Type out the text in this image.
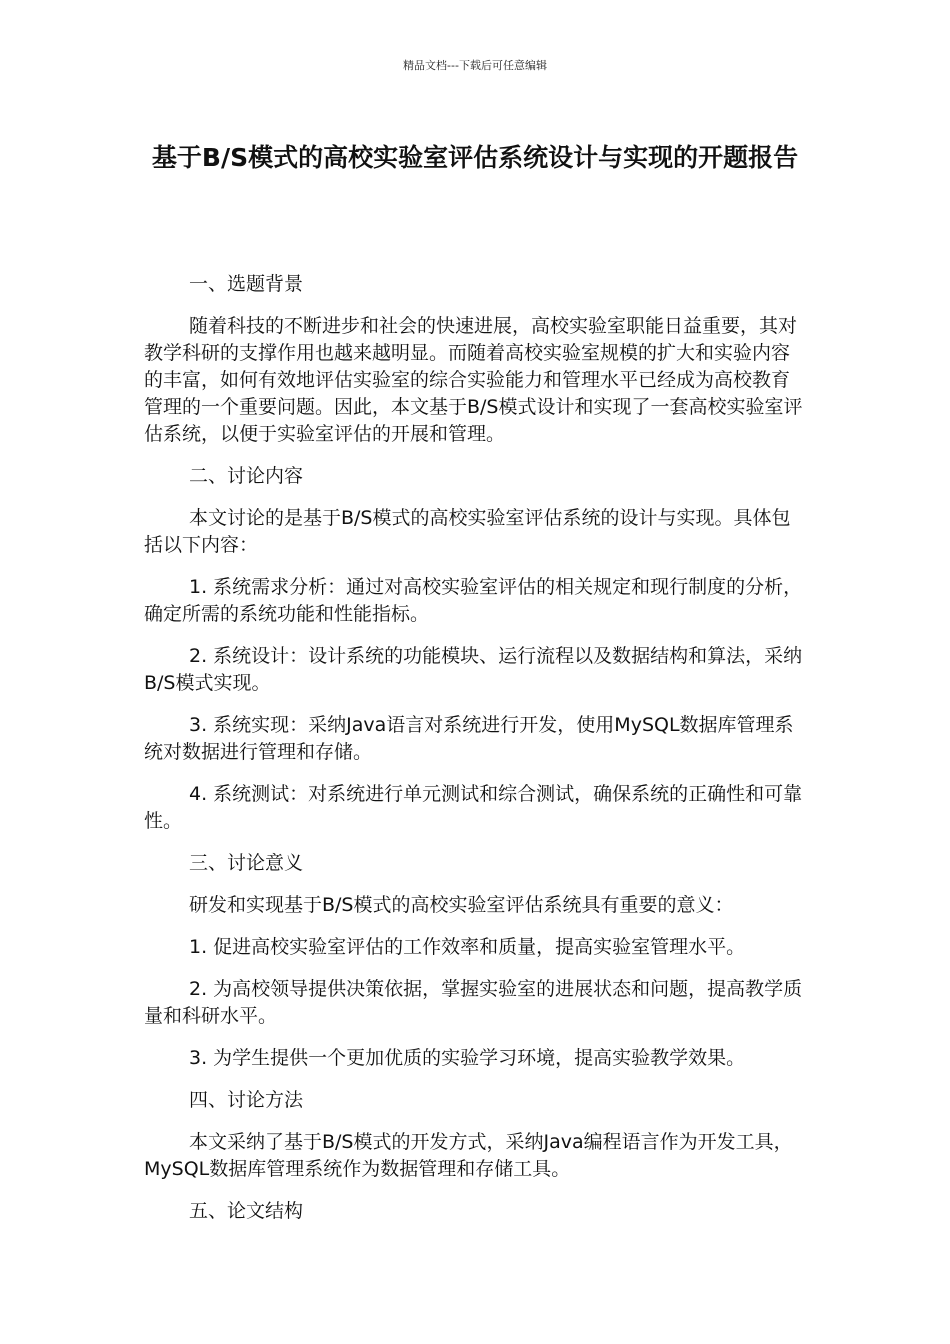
精品文档---下载后可任意编辑
基于B/S模式的高校实验室评估系统设计与实现的开题报告

一、选题背景

随着科技的不断进步和社会的快速进展，高校实验室职能日益重要，其对教学科研的支撑作用也越来越明显。而随着高校实验室规模的扩大和实验内容的丰富，如何有效地评估实验室的综合实验能力和管理水平已经成为高校教育管理的一个重要问题。因此，本文基于B/S模式设计和实现了一套高校实验室评估系统，以便于实验室评估的开展和管理。

二、讨论内容

本文讨论的是基于B/S模式的高校实验室评估系统的设计与实现。具体包括以下内容：

1. 系统需求分析：通过对高校实验室评估的相关规定和现行制度的分析，确定所需的系统功能和性能指标。

2. 系统设计：设计系统的功能模块、运行流程以及数据结构和算法，采纳B/S模式实现。

3. 系统实现：采纳Java语言对系统进行开发，使用MySQL数据库管理系统对数据进行管理和存储。

4. 系统测试：对系统进行单元测试和综合测试，确保系统的正确性和可靠性。

三、讨论意义

研发和实现基于B/S模式的高校实验室评估系统具有重要的意义：

1. 促进高校实验室评估的工作效率和质量，提高实验室管理水平。

2. 为高校领导提供决策依据，掌握实验室的进展状态和问题，提高教学质量和科研水平。

3. 为学生提供一个更加优质的实验学习环境，提高实验教学效果。

四、讨论方法

本文采纳了基于B/S模式的开发方式，采纳Java编程语言作为开发工具，MySQL数据库管理系统作为数据管理和存储工具。

五、论文结构
